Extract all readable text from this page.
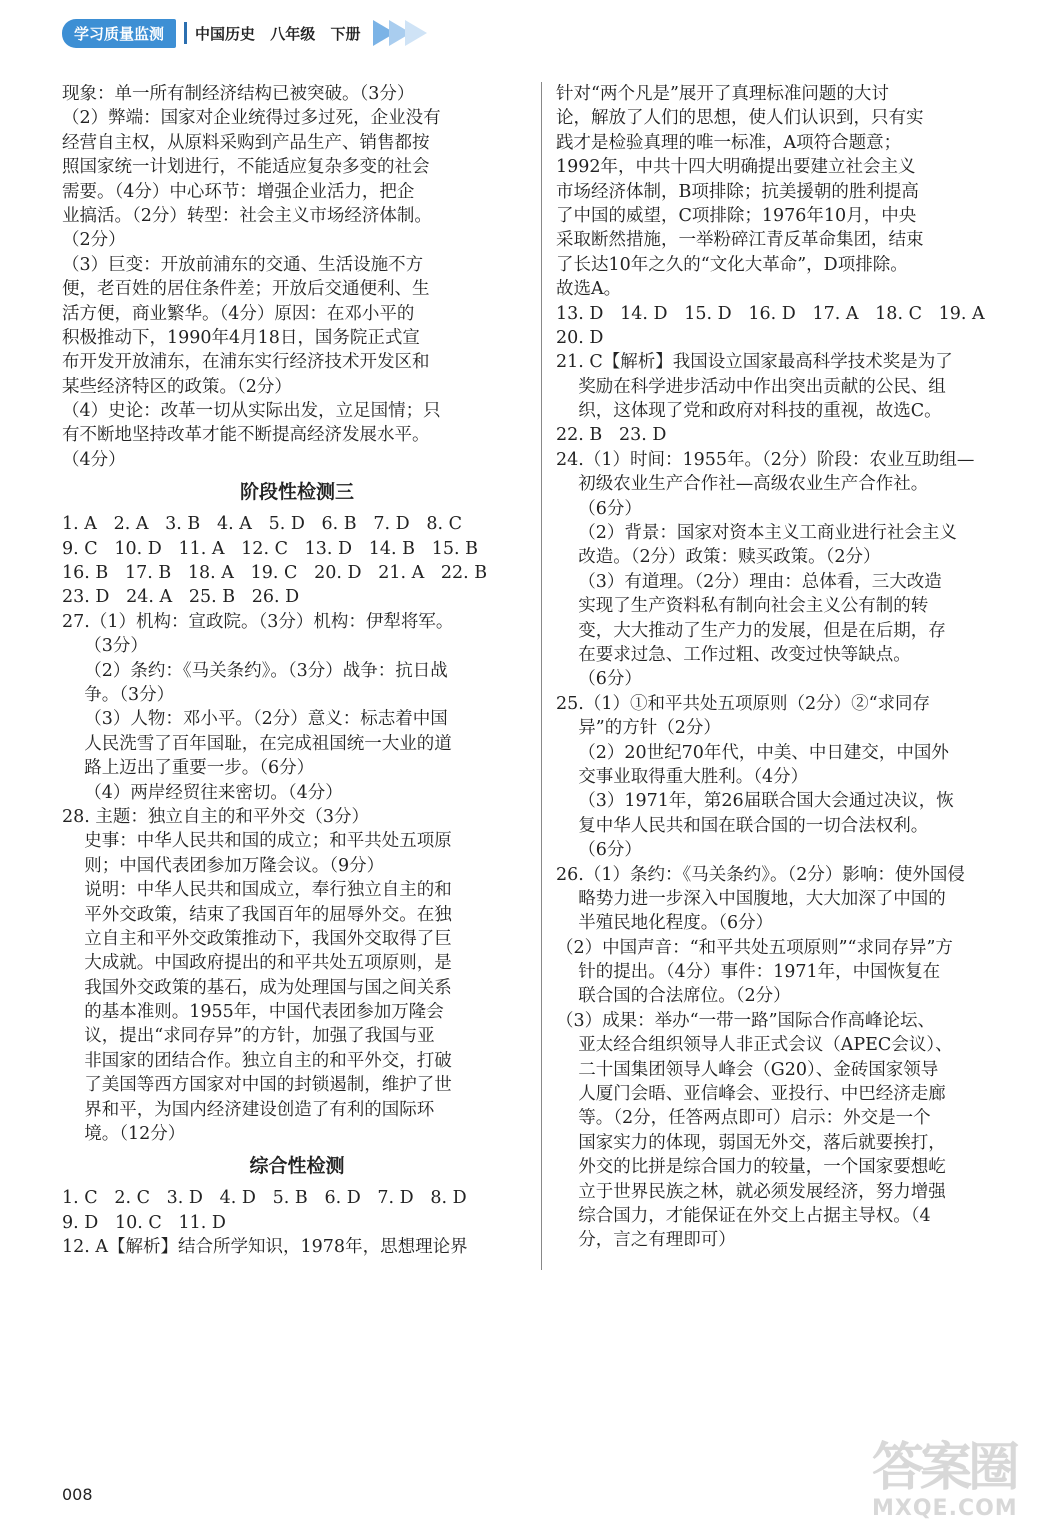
学习质量监测	中国历史 八年级 下册
现象：单一所有制经济结构已被突破。（3分）
（2）弊端：国家对企业统得过多过死，企业没有
经营自主权，从原料采购到产品生产、销售都按
照国家统一计划进行，不能适应复杂多变的社会
需要。（4分）中心环节：增强企业活力，把企
业搞活。（2分）转型：社会主义市场经济体制。
（2分）
（3）巨变：开放前浦东的交通、生活设施不方
便，老百姓的居住条件差；开放后交通便利、生
活方便，商业繁华。（4分）原因：在邓小平的
积极推动下，1990年4月18日，国务院正式宣
布开发开放浦东，在浦东实行经济技术开发区和
某些经济特区的政策。（2分）
（4）史论：改革一切从实际出发，立足国情；只
有不断地坚持改革才能不断提高经济发展水平。
（4分）
阶段性检测三
1. A   2. A   3. B   4. A   5. D   6. B   7. D   8. C
9. C   10. D   11. A   12. C   13. D   14. B   15. B
16. B   17. B   18. A   19. C   20. D   21. A   22. B
23. D   24. A   25. B   26. D
27.（1）机构：宣政院。（3分）机构：伊犁将军。
（3分）
（2）条约：《马关条约》。（3分）战争：抗日战
争。（3分）
（3）人物：邓小平。（2分）意义：标志着中国
人民洗雪了百年国耻，在完成祖国统一大业的道
路上迈出了重要一步。（6分）
（4）两岸经贸往来密切。（4分）
28. 主题：独立自主的和平外交（3分）
史事：中华人民共和国的成立；和平共处五项原
则；中国代表团参加万隆会议。（9分）
说明：中华人民共和国成立，奉行独立自主的和
平外交政策，结束了我国百年的屈辱外交。在独
立自主和平外交政策推动下，我国外交取得了巨
大成就。中国政府提出的和平共处五项原则，是
我国外交政策的基石，成为处理国与国之间关系
的基本准则。1955年，中国代表团参加万隆会
议，提出“求同存异”的方针，加强了我国与亚
非国家的团结合作。独立自主的和平外交，打破
了美国等西方国家对中国的封锁遏制，维护了世
界和平，为国内经济建设创造了有利的国际环
境。（12分）
综合性检测
1. C   2. C   3. D   4. D   5. B   6. D   7. D   8. D
9. D   10. C   11. D
12. A【解析】结合所学知识，1978年，思想理论界
针对“两个凡是”展开了真理标准问题的大讨
论，解放了人们的思想，使人们认识到，只有实
践才是检验真理的唯一标准，A项符合题意；
1992年，中共十四大明确提出要建立社会主义
市场经济体制，B项排除；抗美援朝的胜利提高
了中国的威望，C项排除；1976年10月，中央
采取断然措施，一举粉碎江青反革命集团，结束
了长达10年之久的“文化大革命”，D项排除。
故选A。
13. D   14. D   15. D   16. D   17. A   18. C   19. A
20. D
21. C【解析】我国设立国家最高科学技术奖是为了
奖励在科学进步活动中作出突出贡献的公民、组
织，这体现了党和政府对科技的重视，故选C。
22. B   23. D
24.（1）时间：1955年。（2分）阶段：农业互助组—
初级农业生产合作社—高级农业生产合作社。
（6分）
（2）背景：国家对资本主义工商业进行社会主义
改造。（2分）政策：赎买政策。（2分）
（3）有道理。（2分）理由：总体看，三大改造
实现了生产资料私有制向社会主义公有制的转
变，大大推动了生产力的发展，但是在后期，存
在要求过急、工作过粗、改变过快等缺点。
（6分）
25.（1）①和平共处五项原则（2分）②“求同存
异”的方针（2分）
（2）20世纪70年代，中美、中日建交，中国外
交事业取得重大胜利。（4分）
（3）1971年，第26届联合国大会通过决议，恢
复中华人民共和国在联合国的一切合法权利。
（6分）
26.（1）条约：《马关条约》。（2分）影响：使外国侵
略势力进一步深入中国腹地，大大加深了中国的
半殖民地化程度。（6分）
（2）中国声音：“和平共处五项原则”“求同存异”方
针的提出。（4分）事件：1971年，中国恢复在
联合国的合法席位。（2分）
（3）成果：举办“一带一路”国际合作高峰论坛、
亚太经合组织领导人非正式会议（APEC会议）、
二十国集团领导人峰会（G20）、金砖国家领导
人厦门会晤、亚信峰会、亚投行、中巴经济走廊
等。（2分，任答两点即可）启示：外交是一个
国家实力的体现，弱国无外交，落后就要挨打，
外交的比拼是综合国力的较量，一个国家要想屹
立于世界民族之林，就必须发展经济，努力增强
综合国力，才能保证在外交上占据主导权。（4
分，言之有理即可）
008	答案圈
MXQE.COM
